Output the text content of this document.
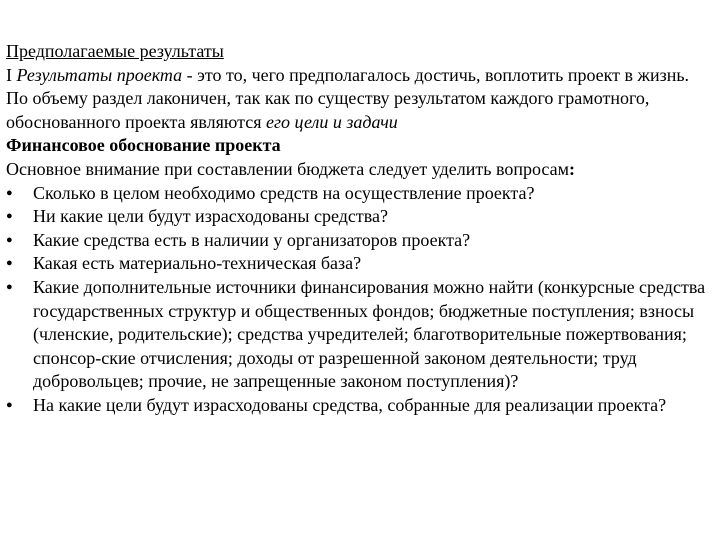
Предполагаемые результаты

I Результаты проекта - это то, чего предполагалось достичь, воплотить проект в жизнь.

По объему раздел лаконичен, так как по существу результатом каждого грамотного, обоснованного проекта являются его цели и задачи

Финансовое обоснование проекта

Основное внимание при составлении бюджета следует уделить вопросам:

●	Сколько в целом необходимо средств на осуществление проекта?
●	Ни какие цели будут израсходованы средства?
●	Какие средства есть в наличии у организаторов проекта?
●	Какая есть материально-техническая база?
●	Какие дополнительные источники финансирования можно найти (конкурсные средства государственных структур и общественных фондов; бюджетные поступления; взносы (членские, родительские); средства учредителей; благотворительные пожертвования; спонсор-ские отчисления; доходы от разрешенной законом деятельности; труд добровольцев; прочие, не запрещенные законом поступления)?
●	На какие цели будут израсходованы средства, собранные для реализации проекта?
